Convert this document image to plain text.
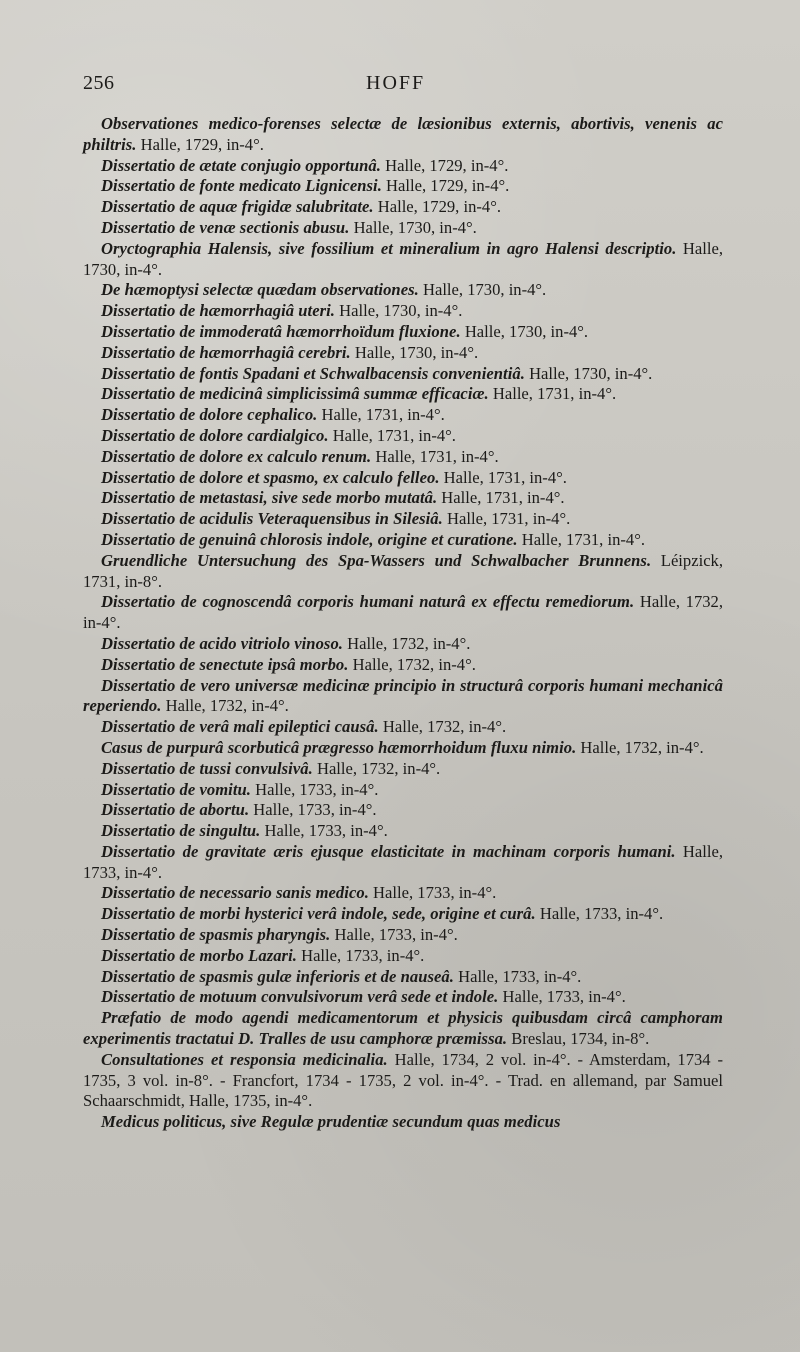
256	HOFF

Observationes medico-forenses selectæ de læsionibus externis, abortivis, venenis ac philtris. Halle, 1729, in-4°.

Dissertatio de ætate conjugio opportunâ. Halle, 1729, in-4°.

Dissertatio de fonte medicato Lignicensi. Halle, 1729, in-4°.

Dissertatio de aquæ frigidæ salubritate. Halle, 1729, in-4°.

Dissertatio de venæ sectionis abusu. Halle, 1730, in-4°.

Oryctographia Halensis, sive fossilium et mineralium in agro Halensi descriptio. Halle, 1730, in-4°.

De hæmoptysi selectæ quædam observationes. Halle, 1730, in-4°.

Dissertatio de hæmorrhagiâ uteri. Halle, 1730, in-4°.

Dissertatio de immoderatâ hæmorrhoïdum fluxione. Halle, 1730, in-4°.

Dissertatio de hæmorrhagiâ cerebri. Halle, 1730, in-4°.

Dissertatio de fontis Spadani et Schwalbacensis convenientiâ. Halle, 1730, in-4°.

Dissertatio de medicinâ simplicissimâ summæ efficaciæ. Halle, 1731, in-4°.

Dissertatio de dolore cephalico. Halle, 1731, in-4°.

Dissertatio de dolore cardialgico. Halle, 1731, in-4°.

Dissertatio de dolore ex calculo renum. Halle, 1731, in-4°.

Dissertatio de dolore et spasmo, ex calculo felleo. Halle, 1731, in-4°.

Dissertatio de metastasi, sive sede morbo mutatâ. Halle, 1731, in-4°.

Dissertatio de acidulis Veteraquensibus in Silesiâ. Halle, 1731, in-4°.

Dissertatio de genuinâ chlorosis indole, origine et curatione. Halle, 1731, in-4°.

Gruendliche Untersuchung des Spa-Wassers und Schwalbacher Brunnens. Léipzick, 1731, in-8°.

Dissertatio de cognoscendâ corporis humani naturâ ex effectu remediorum. Halle, 1732, in-4°.

Dissertatio de acido vitriolo vinoso. Halle, 1732, in-4°.

Dissertatio de senectute ipsâ morbo. Halle, 1732, in-4°.

Dissertatio de vero universæ medicinæ principio in structurâ corporis humani mechanicâ reperiendo. Halle, 1732, in-4°.

Dissertatio de verâ mali epileptici causâ. Halle, 1732, in-4°.

Casus de purpurâ scorbuticâ prægresso hæmorrhoidum fluxu nimio. Halle, 1732, in-4°.

Dissertatio de tussi convulsivâ. Halle, 1732, in-4°.

Dissertatio de vomitu. Halle, 1733, in-4°.

Dissertatio de abortu. Halle, 1733, in-4°.

Dissertatio de singultu. Halle, 1733, in-4°.

Dissertatio de gravitate æris ejusque elasticitate in machinam corporis humani. Halle, 1733, in-4°.

Dissertatio de necessario sanis medico. Halle, 1733, in-4°.

Dissertatio de morbi hysterici verâ indole, sede, origine et curâ. Halle, 1733, in-4°.

Dissertatio de spasmis pharyngis. Halle, 1733, in-4°.

Dissertatio de morbo Lazari. Halle, 1733, in-4°.

Dissertatio de spasmis gulæ inferioris et de nauseâ. Halle, 1733, in-4°.

Dissertatio de motuum convulsivorum verâ sede et indole. Halle, 1733, in-4°.

Præfatio de modo agendi medicamentorum et physicis quibusdam circâ camphoram experimentis tractatui D. Tralles de usu camphoræ præmissa. Breslau, 1734, in-8°.

Consultationes et responsia medicinalia. Halle, 1734, 2 vol. in-4°. - Amsterdam, 1734 - 1735, 3 vol. in-8°. - Francfort, 1734 - 1735, 2 vol. in-4°. - Trad. en allemand, par Samuel Schaarschmidt, Halle, 1735, in-4°.

Medicus politicus, sive Regulæ prudentiæ secundum quas medicus
